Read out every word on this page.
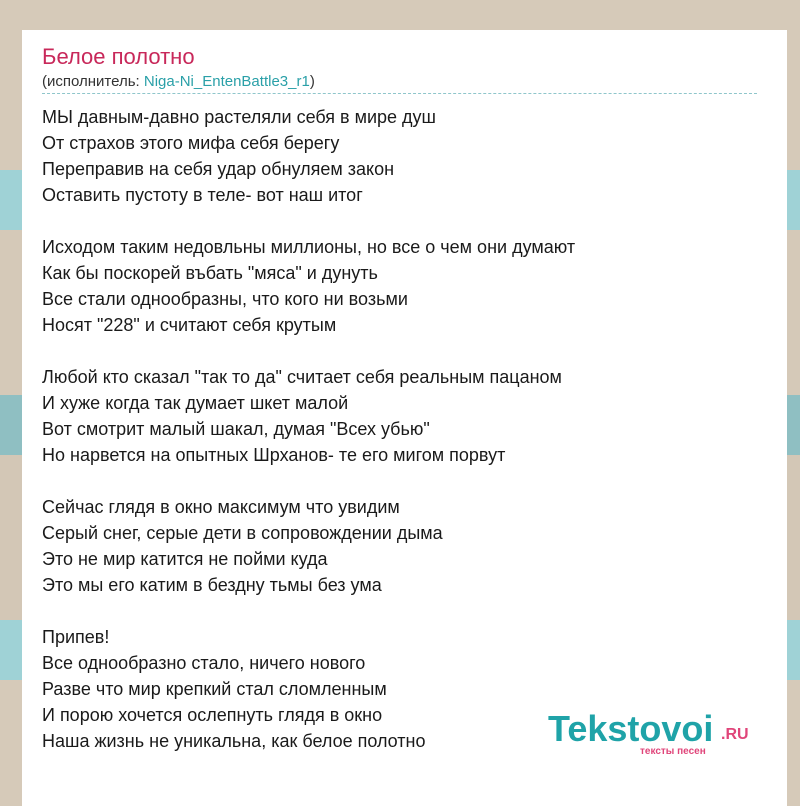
Белое полотно
(исполнитель: Niga-Ni_EntenBattle3_r1)
МЫ давным-давно растеляли себя в мире душ
От страхов этого мифа себя берегу
Переправив на себя удар обнуляем закон
Оставить пустоту в теле- вот наш итог
Исходом таким недовльны миллионы, но все о чем они думают
Как бы поскорей въбать "мяса" и дунуть
Все стали однообразны, что кого ни возьми
Носят "228" и считают себя крутым
Любой кто сказал "так то да" считает себя реальным пацаном
И хуже когда так думает шкет малой
Вот смотрит малый шакал, думая "Всех убью"
Но нарвется на опытных Шрханов- те его мигом порвут
Сейчас глядя в окно максимум что увидим
Серый снег, серые дети в сопровождении дыма
Это не мир катится не пойми куда
Это мы его катим в бездну тьмы без ума
Припев!
Все однообразно стало, ничего нового
Разве что мир крепкий стал сломленным
И порою хочется ослепнуть глядя в окно
Наша жизнь не уникальна, как белое полотно	Tekstovoi .RU
тексты песен
